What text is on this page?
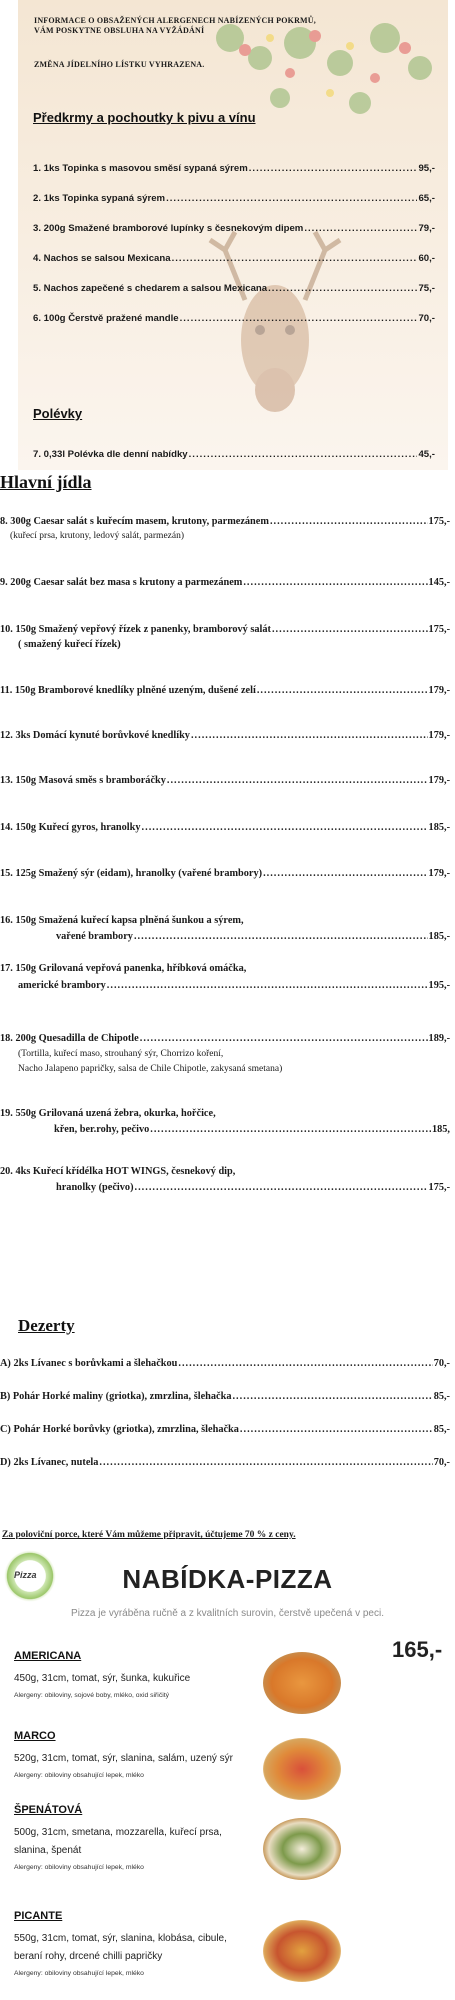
INFORMACE O OBSAŽENÝCH ALERGENECH NABÍZENÝCH POKRMŮ,
VÁM POSKYTNE OBSLUHA NA VYŽÁDÁNÍ
ZMĚNA JÍDELNÍHO LÍSTKU VYHRAZENA.
Předkrmy a pochoutky k pivu a vínu
1. 1ks Topinka s masovou směsí sypaná sýrem .....	95,-
2. 1ks Topinka sypaná sýrem .....	65,-
3. 200g Smažené bramborové lupínky s česnekovým dipem .....	79,-
4. Nachos se salsou Mexicana .....	60,-
5. Nachos zapečené s chedarem a salsou Mexicana .....	75,-
6. 100g Čerstvě pražené mandle .....	70,-
Polévky
7. 0,33l Polévka dle denní nabídky .....	45,-
Hlavní jídla
8. 300g Caesar salát s kuřecím masem, krutony, parmezánem .....	175,-
(kuřecí prsa, krutony, ledový salát, parmezán)
9. 200g Caesar salát bez masa s krutony a parmezánem .....	145,-
10. 150g Smažený vepřový řízek z panenky, bramborový salát .....	175,-
( smažený kuřecí řízek)
11. 150g Bramborové knedlíky plněné uzeným, dušené zelí .....	179,-
12. 3ks Domácí kynuté borůvkové knedlíky .....	179,-
13. 150g Masová směs s bramboráčky .....	179,-
14. 150g Kuřecí gyros, hranolky .....	185,-
15. 125g Smažený sýr (eidam), hranolky (vařené brambory) .....	179,-
16. 150g Smažená kuřecí kapsa plněná šunkou a sýrem,
vařené brambory .....	185,-
17. 150g Grilovaná vepřová panenka, hříbková omáčka,
americké brambory .....	195,-
18. 200g Quesadilla de Chipotle .....	189,-
(Tortilla, kuřecí maso, strouhaný sýr, Chorrizo koření,
Nacho Jalapeno papričky, salsa de Chile Chipotle, zakysaná smetana)
19. 550g Grilovaná uzená žebra, okurka, hořčice,
křen, ber.rohy, pečivo .....	185,
20. 4ks Kuřecí křídélka HOT WINGS, česnekový dip,
hranolky (pečivo) .....	175,-
Dezerty
A) 2ks Lívanec s borůvkami a šlehačkou .....	70,-
B) Pohár Horké maliny (griotka), zmrzlina, šlehačka .....	85,-
C) Pohár Horké borůvky (griotka), zmrzlina, šlehačka .....	85,-
D) 2ks Lívanec, nutela .....	70,-
Za poloviční porce, které Vám můžeme připravit, účtujeme 70 % z ceny.
Pizza	NABÍDKA-PIZZA
Pizza je vyráběna ručně a z kvalitních surovin, čerstvě upečená v peci.
165,-
AMERICANA
450g, 31cm, tomat, sýr, šunka, kukuřice
Alergeny: obiloviny, sojové boby, mléko, oxid siřičitý
MARCO
520g, 31cm, tomat, sýr, slanina, salám, uzený sýr
Alergeny: obiloviny obsahující lepek, mléko
ŠPENÁTOVÁ
500g, 31cm, smetana, mozzarella, kuřecí prsa,
slanina, špenát
Alergeny: obiloviny obsahující lepek, mléko
PICANTE
550g, 31cm, tomat, sýr, slanina, klobása, cibule,
beraní rohy, drcené chilli papričky
Alergeny: obiloviny obsahující lepek, mléko
